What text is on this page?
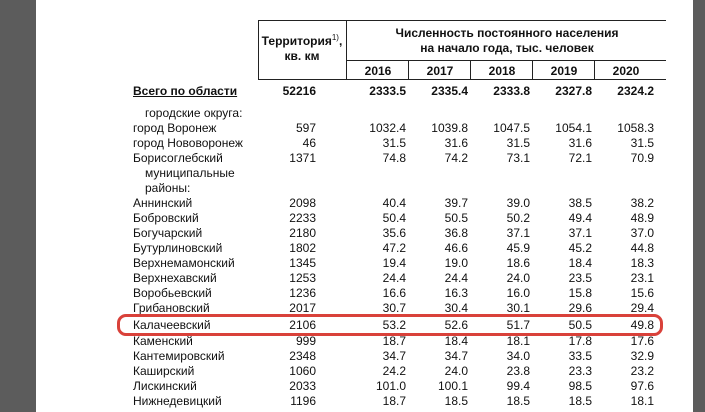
Территория$^{1)}$,
кв. км
Численность постоянного населения
на начало года, тыс. человек
2016	2017	2018	2019	2020
Всего по области	52216	2333.5	2335.4	2333.8	2327.8	2324.2
городские округа:
город Воронеж	597	1032.4	1039.8	1047.5	1054.1	1058.3
город Нововоронеж	46	31.5	31.6	31.5	31.6	31.5
Борисоглебский	1371	74.8	74.2	73.1	72.1	70.9
муниципальные
районы:
Аннинский	2098	40.4	39.7	39.0	38.5	38.2
Бобровский	2233	50.4	50.5	50.2	49.4	48.9
Богучарский	2180	35.6	36.8	37.1	37.1	37.0
Бутурлиновский	1802	47.2	46.6	45.9	45.2	44.8
Верхнемамонский	1345	19.4	19.0	18.6	18.4	18.3
Верхнехавский	1253	24.4	24.4	24.0	23.5	23.1
Воробьевский	1236	16.6	16.3	16.0	15.8	15.6
Грибановский	2017	30.7	30.4	30.1	29.6	29.4
Калачеевский	2106	53.2	52.6	51.7	50.5	49.8
Каменский	999	18.7	18.4	18.1	17.8	17.6
Кантемировский	2348	34.7	34.7	34.0	33.5	32.9
Каширский	1060	24.2	24.0	23.8	23.3	23.2
Лискинский	2033	101.0	100.1	99.4	98.5	97.6
Нижнедевицкий	1196	18.7	18.5	18.5	18.5	18.1
